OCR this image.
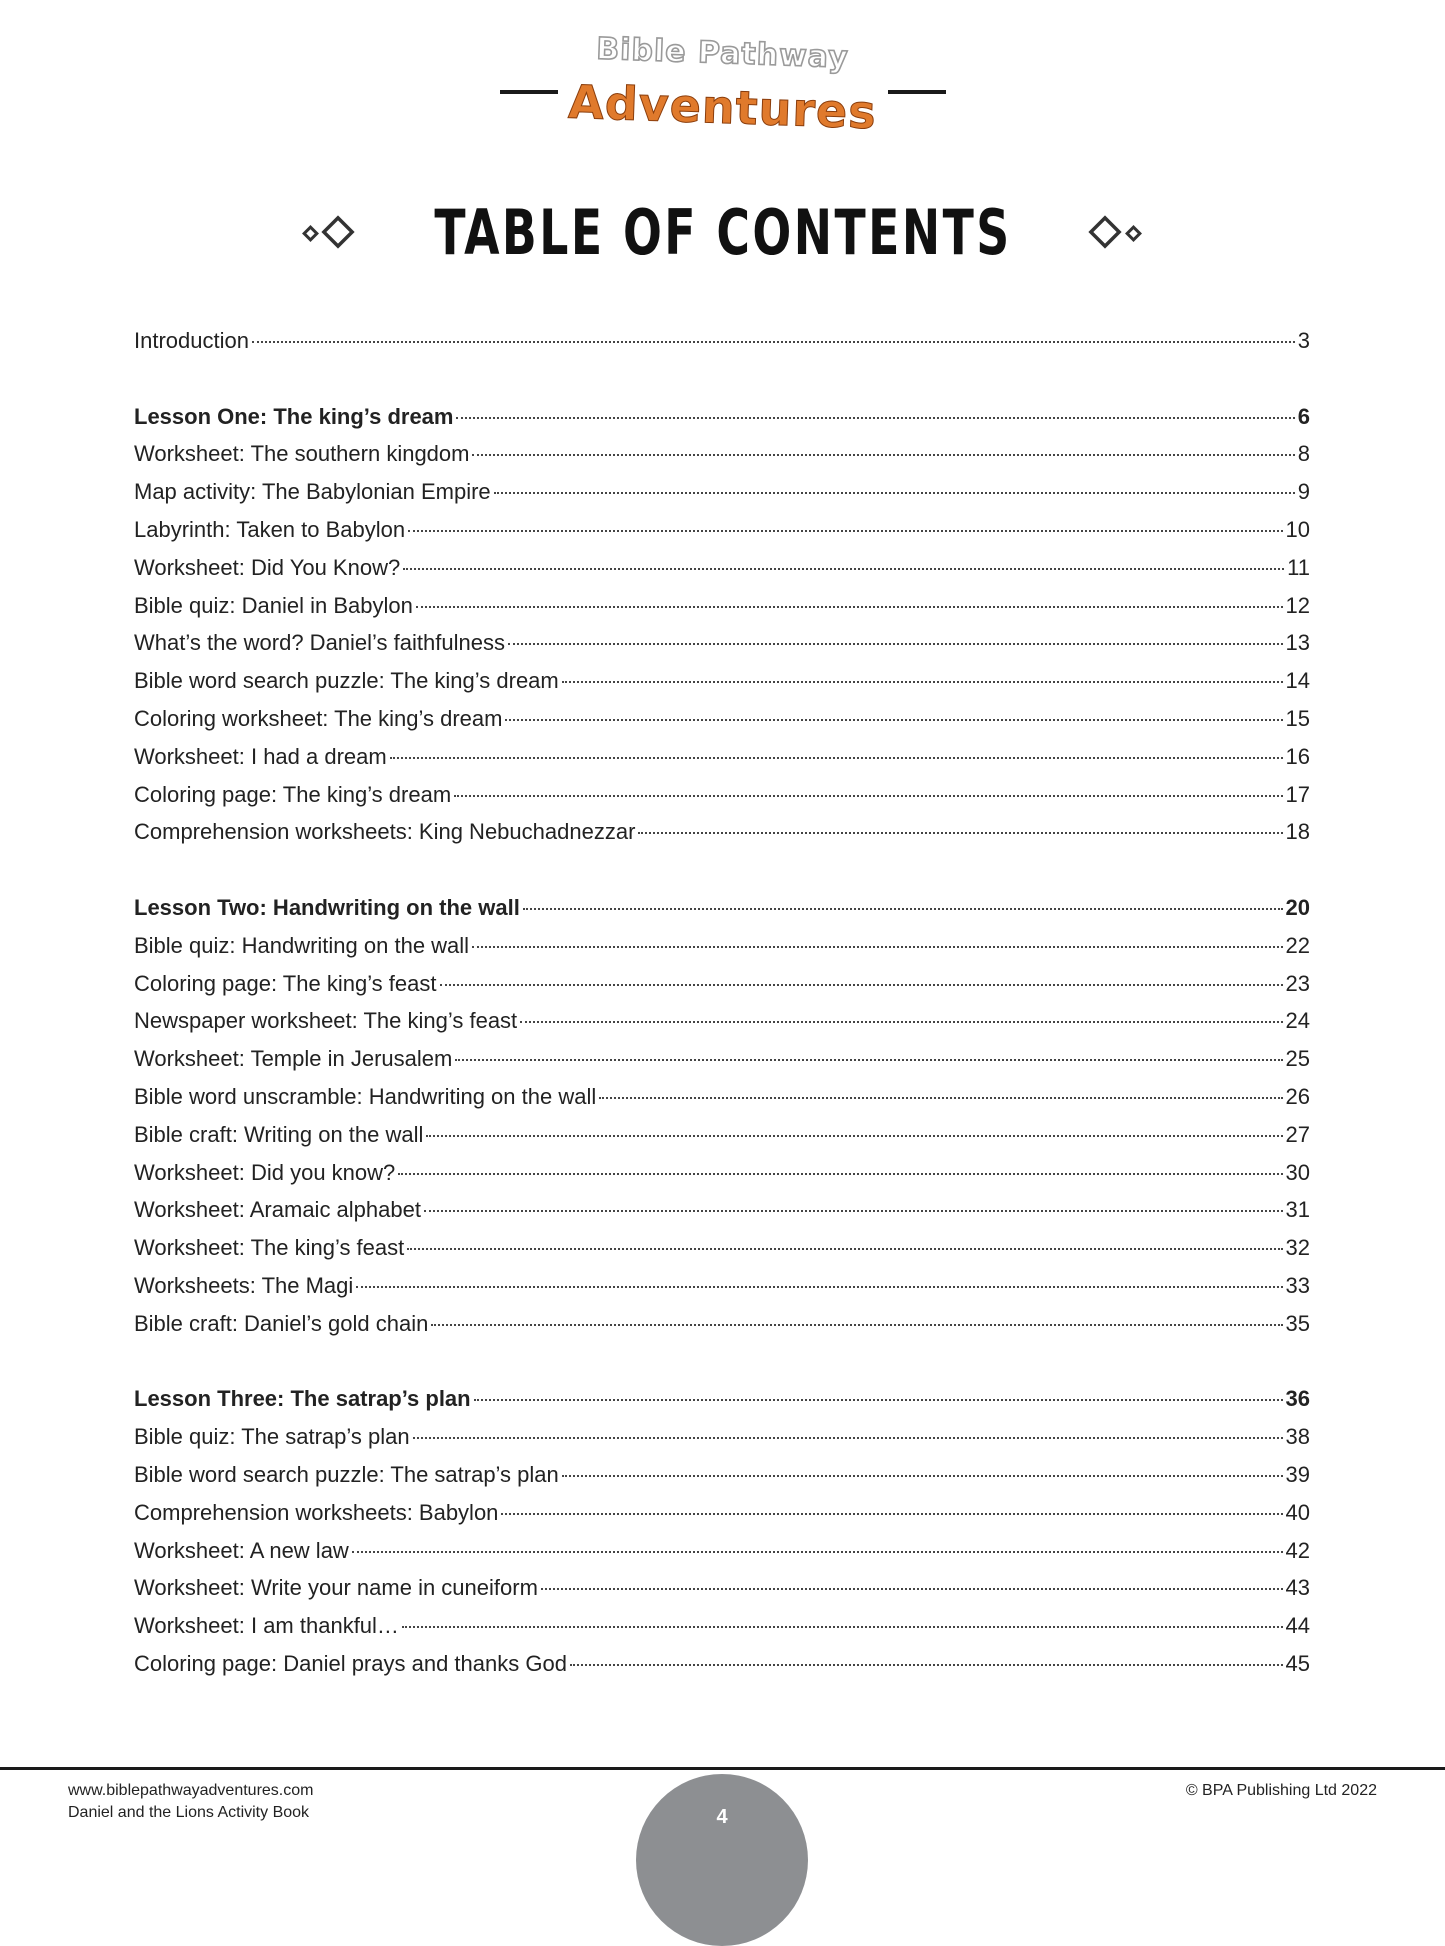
Bible Pathway
Adventures
TABLE OF CONTENTS
Introduction	3
Lesson One: The king’s dream	6
Worksheet: The southern kingdom	8
Map activity: The Babylonian Empire	9
Labyrinth: Taken to Babylon	10
Worksheet: Did You Know?	11
Bible quiz: Daniel in Babylon	12
What’s the word? Daniel’s faithfulness	13
Bible word search puzzle: The king’s dream	14
Coloring worksheet: The king’s dream	15
Worksheet: I had a dream	16
Coloring page: The king’s dream	17
Comprehension worksheets: King Nebuchadnezzar	18
Lesson Two: Handwriting on the wall	20
Bible quiz: Handwriting on the wall	22
Coloring page: The king’s feast	23
Newspaper worksheet: The king’s feast	24
Worksheet: Temple in Jerusalem	25
Bible word unscramble: Handwriting on the wall	26
Bible craft: Writing on the wall	27
Worksheet: Did you know?	30
Worksheet: Aramaic alphabet	31
Worksheet: The king’s feast	32
Worksheets: The Magi	33
Bible craft: Daniel’s gold chain	35
Lesson Three: The satrap’s plan	36
Bible quiz: The satrap’s plan	38
Bible word search puzzle: The satrap’s plan	39
Comprehension worksheets: Babylon	40
Worksheet: A new law	42
Worksheet: Write your name in cuneiform	43
Worksheet: I am thankful…	44
Coloring page: Daniel prays and thanks God	45
www.biblepathwayadventures.com
Daniel and the Lions Activity Book
© BPA Publishing Ltd 2022
4
